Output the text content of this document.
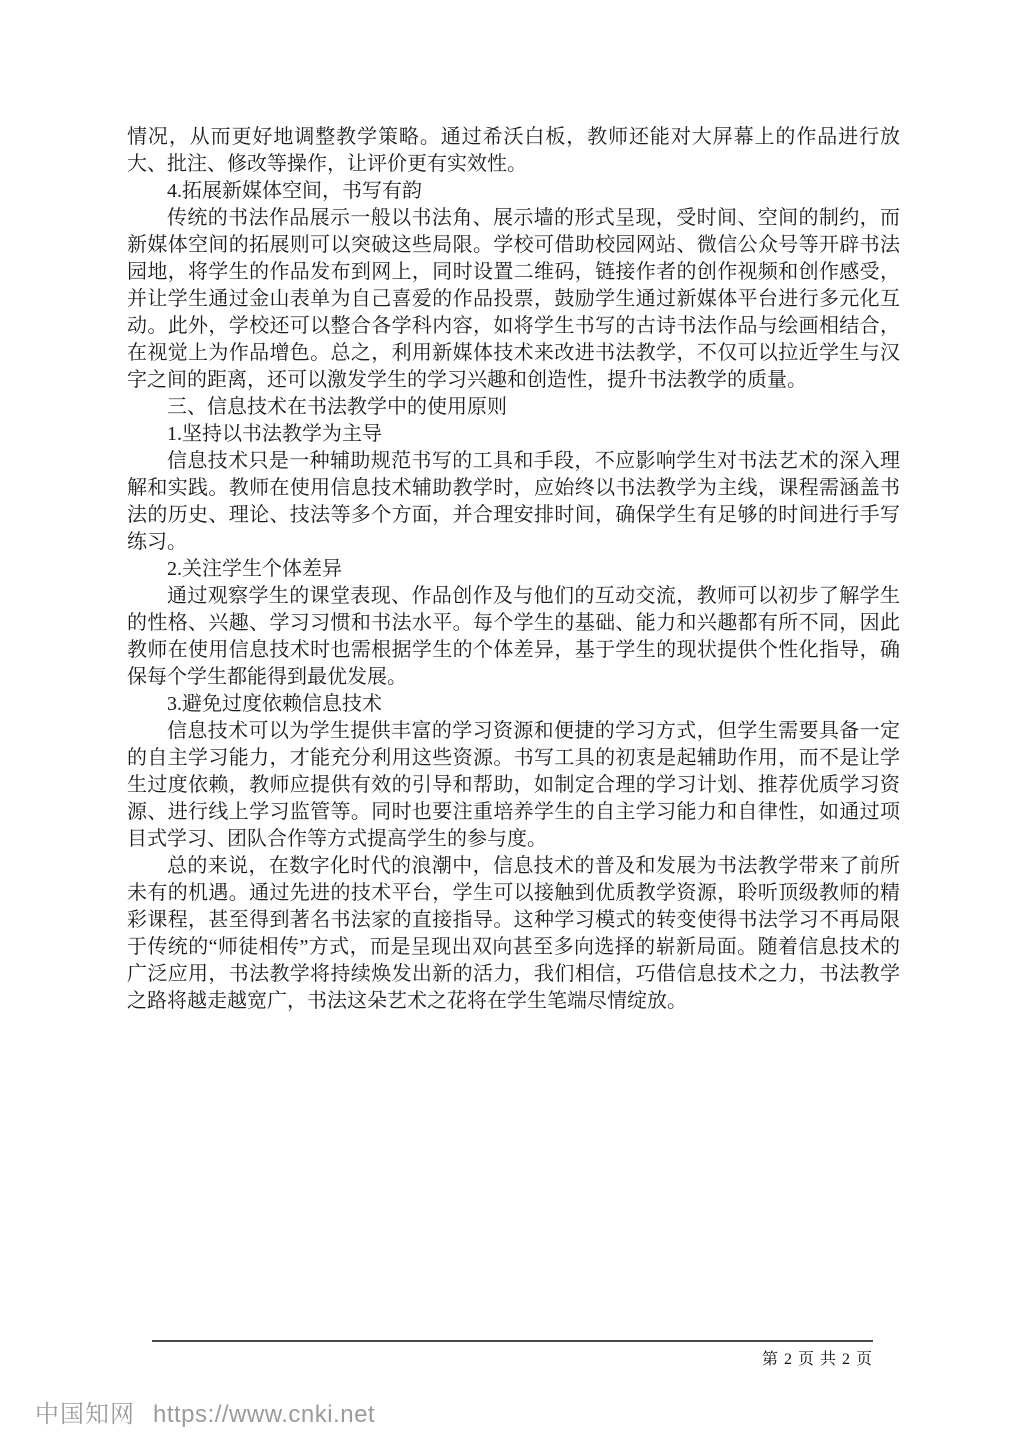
情况，从而更好地调整教学策略。通过希沃白板，教师还能对大屏幕上的作品进行放大、批注、修改等操作，让评价更有实效性。

4.拓展新媒体空间，书写有韵

传统的书法作品展示一般以书法角、展示墙的形式呈现，受时间、空间的制约，而新媒体空间的拓展则可以突破这些局限。学校可借助校园网站、微信公众号等开辟书法园地，将学生的作品发布到网上，同时设置二维码，链接作者的创作视频和创作感受，并让学生通过金山表单为自己喜爱的作品投票，鼓励学生通过新媒体平台进行多元化互动。此外，学校还可以整合各学科内容，如将学生书写的古诗书法作品与绘画相结合，在视觉上为作品增色。总之，利用新媒体技术来改进书法教学，不仅可以拉近学生与汉字之间的距离，还可以激发学生的学习兴趣和创造性，提升书法教学的质量。

三、信息技术在书法教学中的使用原则

1.坚持以书法教学为主导

信息技术只是一种辅助规范书写的工具和手段，不应影响学生对书法艺术的深入理解和实践。教师在使用信息技术辅助教学时，应始终以书法教学为主线，课程需涵盖书法的历史、理论、技法等多个方面，并合理安排时间，确保学生有足够的时间进行手写练习。

2.关注学生个体差异

通过观察学生的课堂表现、作品创作及与他们的互动交流，教师可以初步了解学生的性格、兴趣、学习习惯和书法水平。每个学生的基础、能力和兴趣都有所不同，因此教师在使用信息技术时也需根据学生的个体差异，基于学生的现状提供个性化指导，确保每个学生都能得到最优发展。

3.避免过度依赖信息技术

信息技术可以为学生提供丰富的学习资源和便捷的学习方式，但学生需要具备一定的自主学习能力，才能充分利用这些资源。书写工具的初衷是起辅助作用，而不是让学生过度依赖，教师应提供有效的引导和帮助，如制定合理的学习计划、推荐优质学习资源、进行线上学习监管等。同时也要注重培养学生的自主学习能力和自律性，如通过项目式学习、团队合作等方式提高学生的参与度。

总的来说，在数字化时代的浪潮中，信息技术的普及和发展为书法教学带来了前所未有的机遇。通过先进的技术平台，学生可以接触到优质教学资源，聆听顶级教师的精彩课程，甚至得到著名书法家的直接指导。这种学习模式的转变使得书法学习不再局限于传统的“师徒相传”方式，而是呈现出双向甚至多向选择的崭新局面。随着信息技术的广泛应用，书法教学将持续焕发出新的活力，我们相信，巧借信息技术之力，书法教学之路将越走越宽广，书法这朵艺术之花将在学生笔端尽情绽放。

第 2 页 共 2 页
中国知网 https://www.cnki.net
